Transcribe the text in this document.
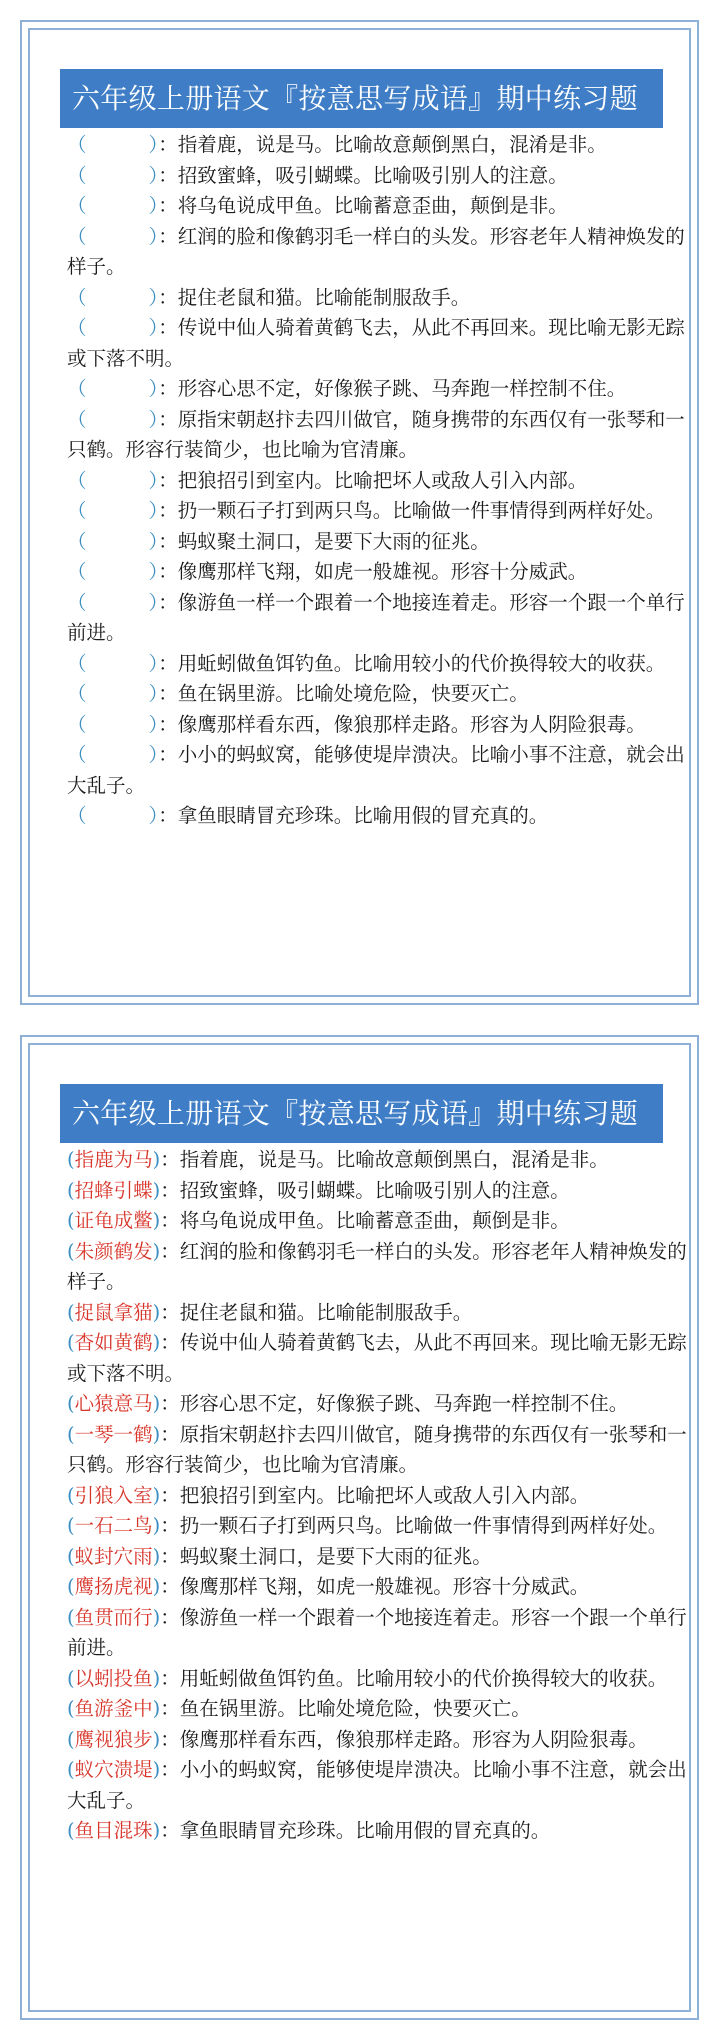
六年级上册语文『按意思写成语』期中练习题
（          ）：指着鹿，说是马。比喻故意颠倒黑白，混淆是非。
（          ）：招致蜜蜂，吸引蝴蝶。比喻吸引别人的注意。
（          ）：将乌龟说成甲鱼。比喻蓄意歪曲，颠倒是非。
（          ）：红润的脸和像鹤羽毛一样白的头发。形容老年人精神焕发的样子。
（          ）：捉住老鼠和猫。比喻能制服敌手。
（          ）：传说中仙人骑着黄鹤飞去，从此不再回来。现比喻无影无踪或下落不明。
（          ）：形容心思不定，好像猴子跳、马奔跑一样控制不住。
（          ）：原指宋朝赵抃去四川做官，随身携带的东西仅有一张琴和一只鹤。形容行装简少，也比喻为官清廉。
（          ）：把狼招引到室内。比喻把坏人或敌人引入内部。
（          ）：扔一颗石子打到两只鸟。比喻做一件事情得到两样好处。
（          ）：蚂蚁聚土洞口，是要下大雨的征兆。
（          ）：像鹰那样飞翔，如虎一般雄视。形容十分威武。
（          ）：像游鱼一样一个跟着一个地接连着走。形容一个跟一个单行前进。
（          ）：用蚯蚓做鱼饵钓鱼。比喻用较小的代价换得较大的收获。
（          ）：鱼在锅里游。比喻处境危险，快要灭亡。
（          ）：像鹰那样看东西，像狼那样走路。形容为人阴险狠毒。
（          ）：小小的蚂蚁窝，能够使堤岸溃决。比喻小事不注意，就会出大乱子。
（          ）：拿鱼眼睛冒充珍珠。比喻用假的冒充真的。
六年级上册语文『按意思写成语』期中练习题
(指鹿为马)：指着鹿，说是马。比喻故意颠倒黑白，混淆是非。
(招蜂引蝶)：招致蜜蜂，吸引蝴蝶。比喻吸引别人的注意。
(证龟成鳖)：将乌龟说成甲鱼。比喻蓄意歪曲，颠倒是非。
(朱颜鹤发)：红润的脸和像鹤羽毛一样白的头发。形容老年人精神焕发的样子。
(捉鼠拿猫)：捉住老鼠和猫。比喻能制服敌手。
(杳如黄鹤)：传说中仙人骑着黄鹤飞去，从此不再回来。现比喻无影无踪或下落不明。
(心猿意马)：形容心思不定，好像猴子跳、马奔跑一样控制不住。
(一琴一鹤)：原指宋朝赵抃去四川做官，随身携带的东西仅有一张琴和一只鹤。形容行装简少，也比喻为官清廉。
(引狼入室)：把狼招引到室内。比喻把坏人或敌人引入内部。
(一石二鸟)：扔一颗石子打到两只鸟。比喻做一件事情得到两样好处。
(蚁封穴雨)：蚂蚁聚土洞口，是要下大雨的征兆。
(鹰扬虎视)：像鹰那样飞翔，如虎一般雄视。形容十分威武。
(鱼贯而行)：像游鱼一样一个跟着一个地接连着走。形容一个跟一个单行前进。
(以蚓投鱼)：用蚯蚓做鱼饵钓鱼。比喻用较小的代价换得较大的收获。
(鱼游釜中)：鱼在锅里游。比喻处境危险，快要灭亡。
(鹰视狼步)：像鹰那样看东西，像狼那样走路。形容为人阴险狠毒。
(蚁穴溃堤)：小小的蚂蚁窝，能够使堤岸溃决。比喻小事不注意，就会出大乱子。
(鱼目混珠)：拿鱼眼睛冒充珍珠。比喻用假的冒充真的。
